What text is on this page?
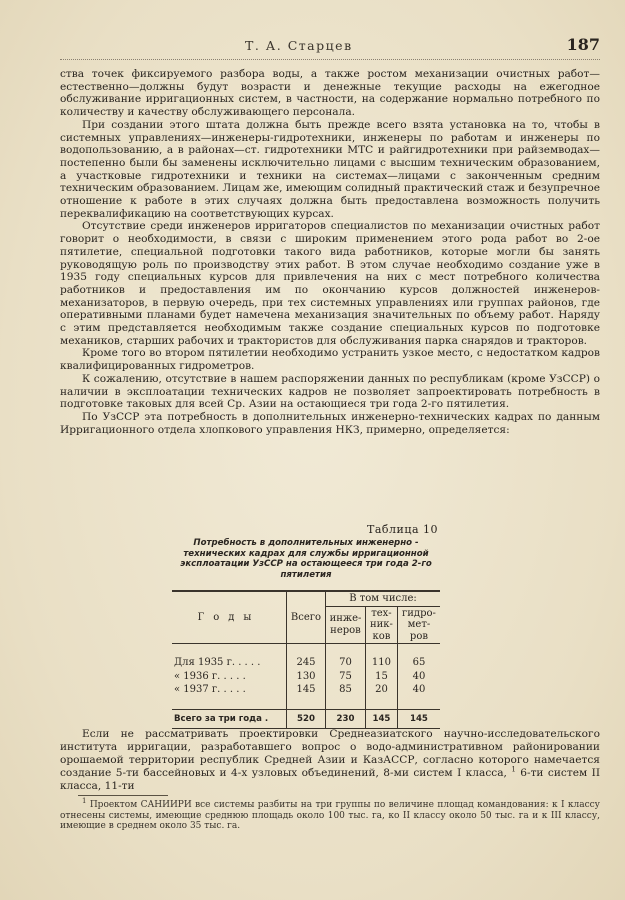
Т. А. Старцев	187

ства точек фиксируемого разбора воды, а также ростом механизации очистных работ—естественно—должны будут возрасти и денежные текущие расходы на ежегодное обслуживание ирригационных систем, в частности, на содержание нормально потребного по количеству и качеству обслуживающего персонала.

При создании этого штата должна быть прежде всего взята установка на то, чтобы в системных управлениях—инженеры-гидротехники, инженеры по работам и инженеры по водопользованию, а в районах—ст. гидротехники МТС и райгидротехники при райземводах—постепенно были бы заменены исключительно лицами с высшим техническим образованием, а участковые гидротехники и техники на системах—лицами с законченным средним техническим образованием. Лицам же, имеющим солидный практический стаж и безупречное отношение к работе в этих случаях должна быть предоставлена возможность получить переквалификацию на соответствующих курсах.

Отсутствие среди инженеров ирригаторов специалистов по механизации очистных работ говорит о необходимости, в связи с широким применением этого рода работ во 2-ое пятилетие, специальной подготовки такого вида работников, которые могли бы занять руководящую роль по производству этих работ. В этом случае необходимо создание уже в 1935 году специальных курсов для привлечения на них с мест потребного количества работников и предоставления им по окончанию курсов должностей инженеров-механизаторов, в первую очередь, при тех системных управлениях или группах районов, где оперативными планами будет намечена механизация значительных по объему работ. Наряду с этим представляется необходимым также создание специальных курсов по подготовке механиков, старших рабочих и трактористов для обслуживания парка снарядов и тракторов.

Кроме того во втором пятилетии необходимо устранить узкое место, с недостатком кадров квалифицированных гидрометров.

К сожалению, отсутствие в нашем распоряжении данных по республикам (кроме УзССР) о наличии в эксплоатации технических кадров не позволяет запроектировать потребность в подготовке таковых для всей Ср. Азии на остающиеся три года 2-го пятилетия.

По УзССР эта потребность в дополнительных инженерно-технических кадрах по данным Ирригационного отдела хлопкового управления НКЗ, примерно, определяется:

Таблица 10
Потребность в дополнительных инженерно - технических кадрах для службы ирригационной эксплоатации УзССР на остающееся три года 2-го пятилетия
Годы	Всего	В том числе:		
		инже-неров	тех-ник-ков	гидро-мет-ров

Для 1935 г. . . . .	245	70	110	65
« 1936 г. . . . .	130	75	15	40
« 1937 г. . . . .	145	85	20	40

Всего за три года .	520	230	145	145

Если не рассматривать проектировки Среднеазиатского научно-исследовательского института ирригации, разработавшего вопрос о водо-административном районировании орошаемой территории республик Средней Азии и КазАССР, согласно которого намечается создание 5-ти бассейновых и 4-х узловых объединений, 8-ми систем I класса, $^1$ 6-ти систем II класса, 11-ти

$^1$ Проектом САНИИРИ все системы разбиты на три группы по величине площад командования: к I классу отнесены системы, имеющие среднюю площадь около 100 тыс. га, ко II классу около 50 тыс. га и к III классу, имеющие в среднем около 35 тыс. га.
